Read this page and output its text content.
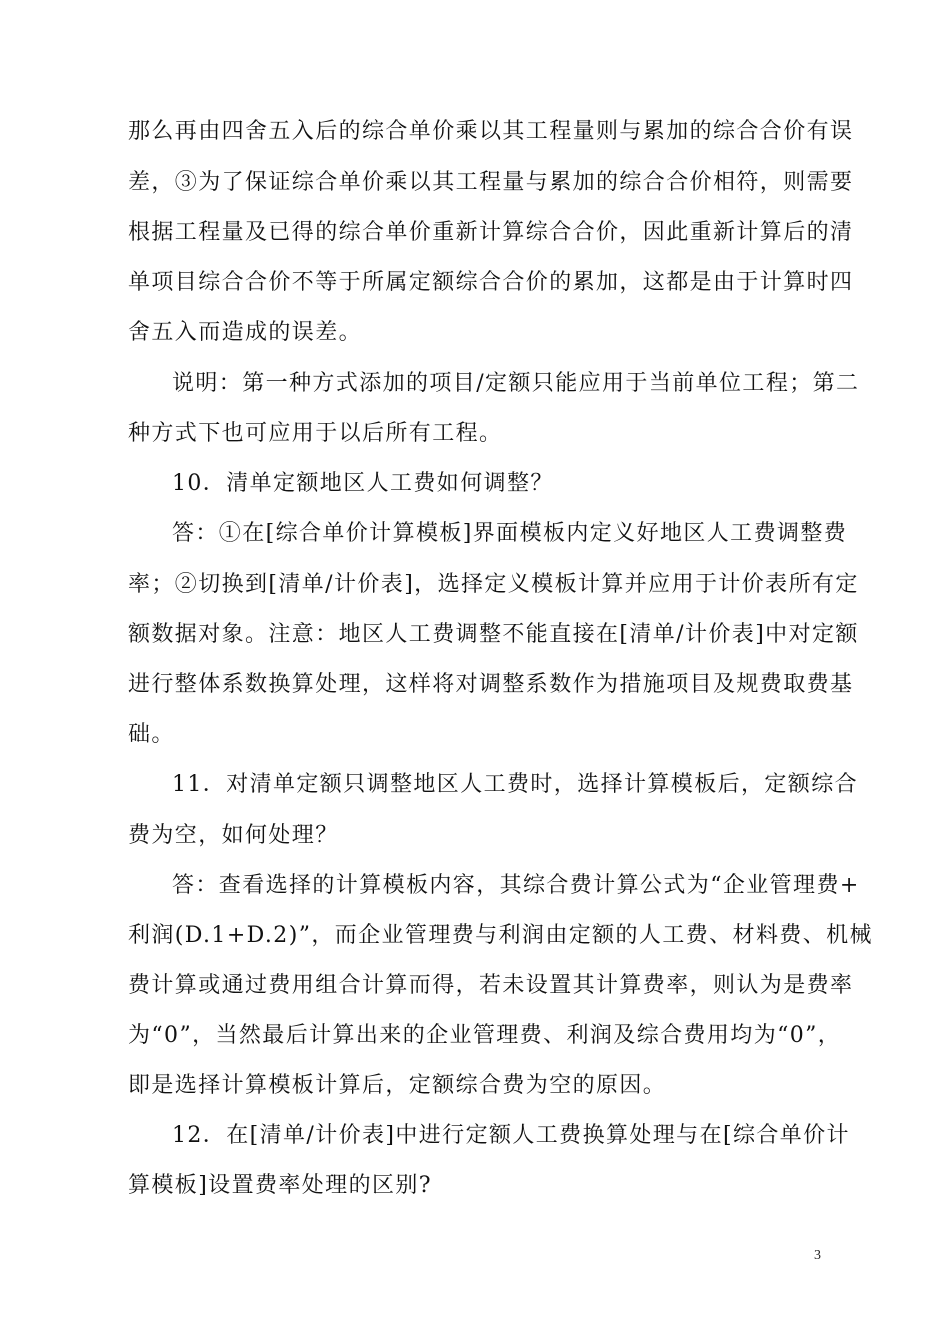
那么再由四舍五入后的综合单价乘以其工程量则与累加的综合合价有误
差，③为了保证综合单价乘以其工程量与累加的综合合价相符，则需要
根据工程量及已得的综合单价重新计算综合合价，因此重新计算后的清
单项目综合合价不等于所属定额综合合价的累加，这都是由于计算时四
舍五入而造成的误差。
说明：第一种方式添加的项目/定额只能应用于当前单位工程；第二
种方式下也可应用于以后所有工程。
10．清单定额地区人工费如何调整？
答：①在[综合单价计算模板]界面模板内定义好地区人工费调整费
率；②切换到[清单/计价表]，选择定义模板计算并应用于计价表所有定
额数据对象。注意：地区人工费调整不能直接在[清单/计价表]中对定额
进行整体系数换算处理，这样将对调整系数作为措施项目及规费取费基
础。
11．对清单定额只调整地区人工费时，选择计算模板后，定额综合
费为空，如何处理？
答：查看选择的计算模板内容，其综合费计算公式为“企业管理费+
利润(D.1+D.2)”，而企业管理费与利润由定额的人工费、材料费、机械
费计算或通过费用组合计算而得，若未设置其计算费率，则认为是费率
为“0”，当然最后计算出来的企业管理费、利润及综合费用均为“0”，
即是选择计算模板计算后，定额综合费为空的原因。
12．在[清单/计价表]中进行定额人工费换算处理与在[综合单价计
算模板]设置费率处理的区别?
3
